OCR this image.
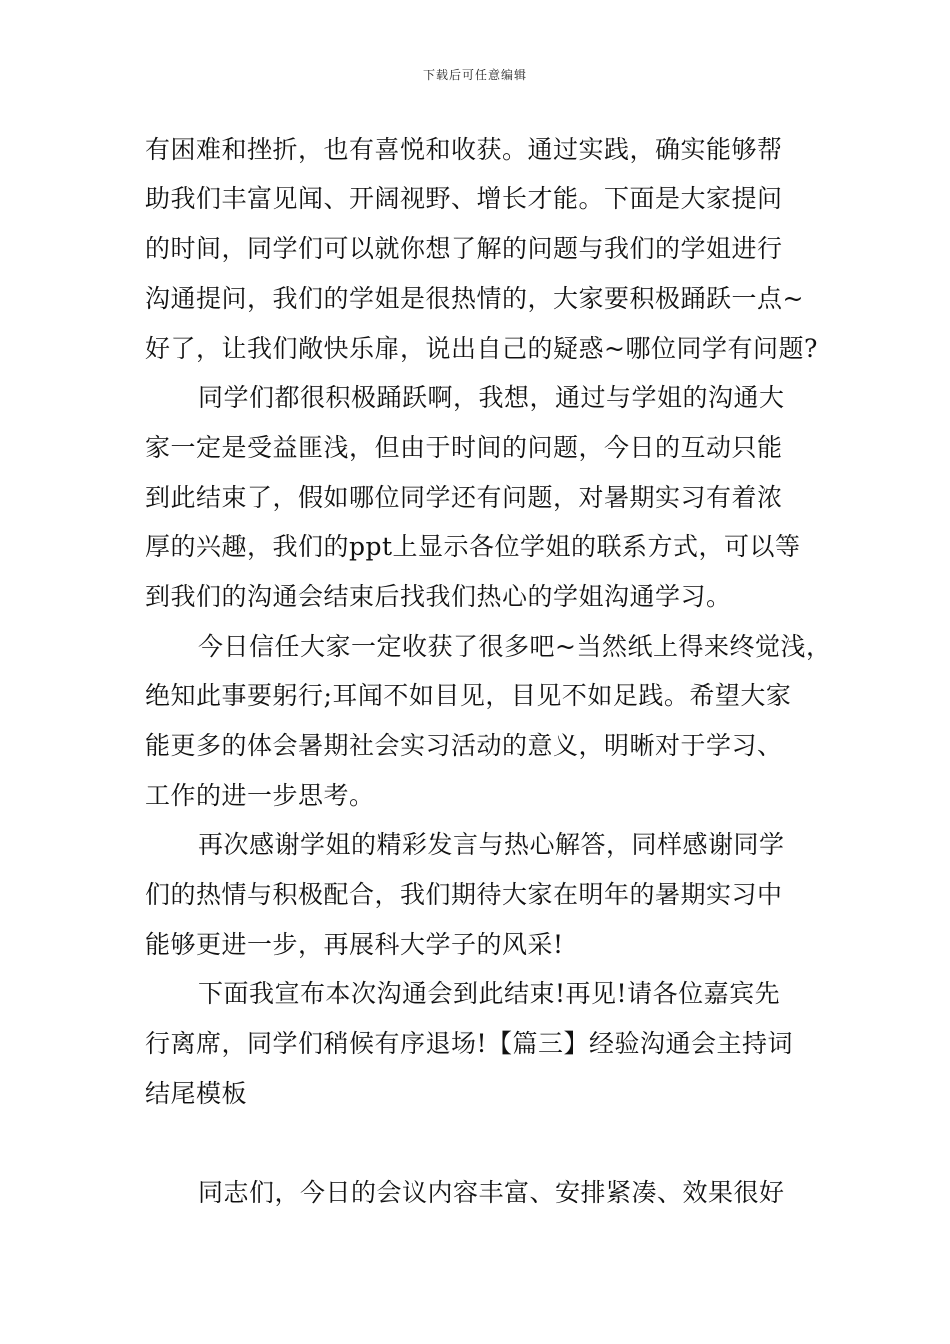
下载后可任意编辑
有困难和挫折，也有喜悦和收获。通过实践，确实能够帮
助我们丰富见闻、开阔视野、增长才能。下面是大家提问
的时间，同学们可以就你想了解的问题与我们的学姐进行
沟通提问，我们的学姐是很热情的，大家要积极踊跃一点~
好了，让我们敞快乐扉，说出自己的疑惑~哪位同学有问题?
同学们都很积极踊跃啊，我想，通过与学姐的沟通大
家一定是受益匪浅，但由于时间的问题，今日的互动只能
到此结束了，假如哪位同学还有问题，对暑期实习有着浓
厚的兴趣，我们的ppt上显示各位学姐的联系方式，可以等
到我们的沟通会结束后找我们热心的学姐沟通学习。
今日信任大家一定收获了很多吧~当然纸上得来终觉浅，
绝知此事要躬行;耳闻不如目见，目见不如足践。希望大家
能更多的体会暑期社会实习活动的意义，明晰对于学习、
工作的进一步思考。
再次感谢学姐的精彩发言与热心解答，同样感谢同学
们的热情与积极配合，我们期待大家在明年的暑期实习中
能够更进一步，再展科大学子的风采!
下面我宣布本次沟通会到此结束!再见!请各位嘉宾先
行离席，同学们稍候有序退场!【篇三】经验沟通会主持词
结尾模板
同志们，今日的会议内容丰富、安排紧凑、效果很好
